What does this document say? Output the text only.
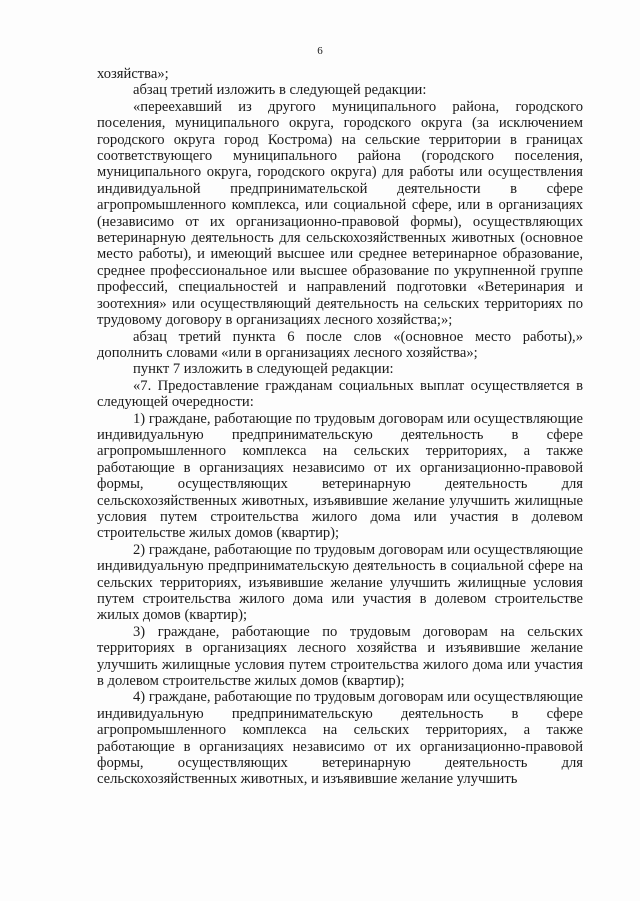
6

хозяйства»;

абзац третий изложить в следующей редакции:

«переехавший из другого муниципального района, городского поселения, муниципального округа, городского округа (за исключением городского округа город Кострома) на сельские территории в границах соответствующего муниципального района (городского поселения, муниципального округа, городского округа) для работы или осуществления индивидуальной предпринимательской деятельности в сфере агропромышленного комплекса, или социальной сфере, или в организациях (независимо от их организационно-правовой формы), осуществляющих ветеринарную деятельность для сельскохозяйственных животных (основное место работы), и имеющий высшее или среднее ветеринарное образование, среднее профессиональное или высшее образование по укрупненной группе профессий, специальностей и направлений подготовки «Ветеринария и зоотехния» или осуществляющий деятельность на сельских территориях по трудовому договору в организациях лесного хозяйства;»;

абзац третий пункта 6 после слов «(основное место работы),» дополнить словами «или в организациях лесного хозяйства»;

пункт 7 изложить в следующей редакции:

«7. Предоставление гражданам социальных выплат осуществляется в следующей очередности:

1) граждане, работающие по трудовым договорам или осуществляющие индивидуальную предпринимательскую деятельность в сфере агропромышленного комплекса на сельских территориях, а также работающие в организациях независимо от их организационно-правовой формы, осуществляющих ветеринарную деятельность для сельскохозяйственных животных, изъявившие желание улучшить жилищные условия путем строительства жилого дома или участия в долевом строительстве жилых домов (квартир);

2) граждане, работающие по трудовым договорам или осуществляющие индивидуальную предпринимательскую деятельность в социальной сфере на сельских территориях, изъявившие желание улучшить жилищные условия путем строительства жилого дома или участия в долевом строительстве жилых домов (квартир);

3) граждане, работающие по трудовым договорам на сельских территориях в организациях лесного хозяйства и изъявившие желание улучшить жилищные условия путем строительства жилого дома или участия в долевом строительстве жилых домов (квартир);

4) граждане, работающие по трудовым договорам или осуществляющие индивидуальную предпринимательскую деятельность в сфере агропромышленного комплекса на сельских территориях, а также работающие в организациях независимо от их организационно-правовой формы, осуществляющих ветеринарную деятельность для сельскохозяйственных животных, и изъявившие желание улучшить
